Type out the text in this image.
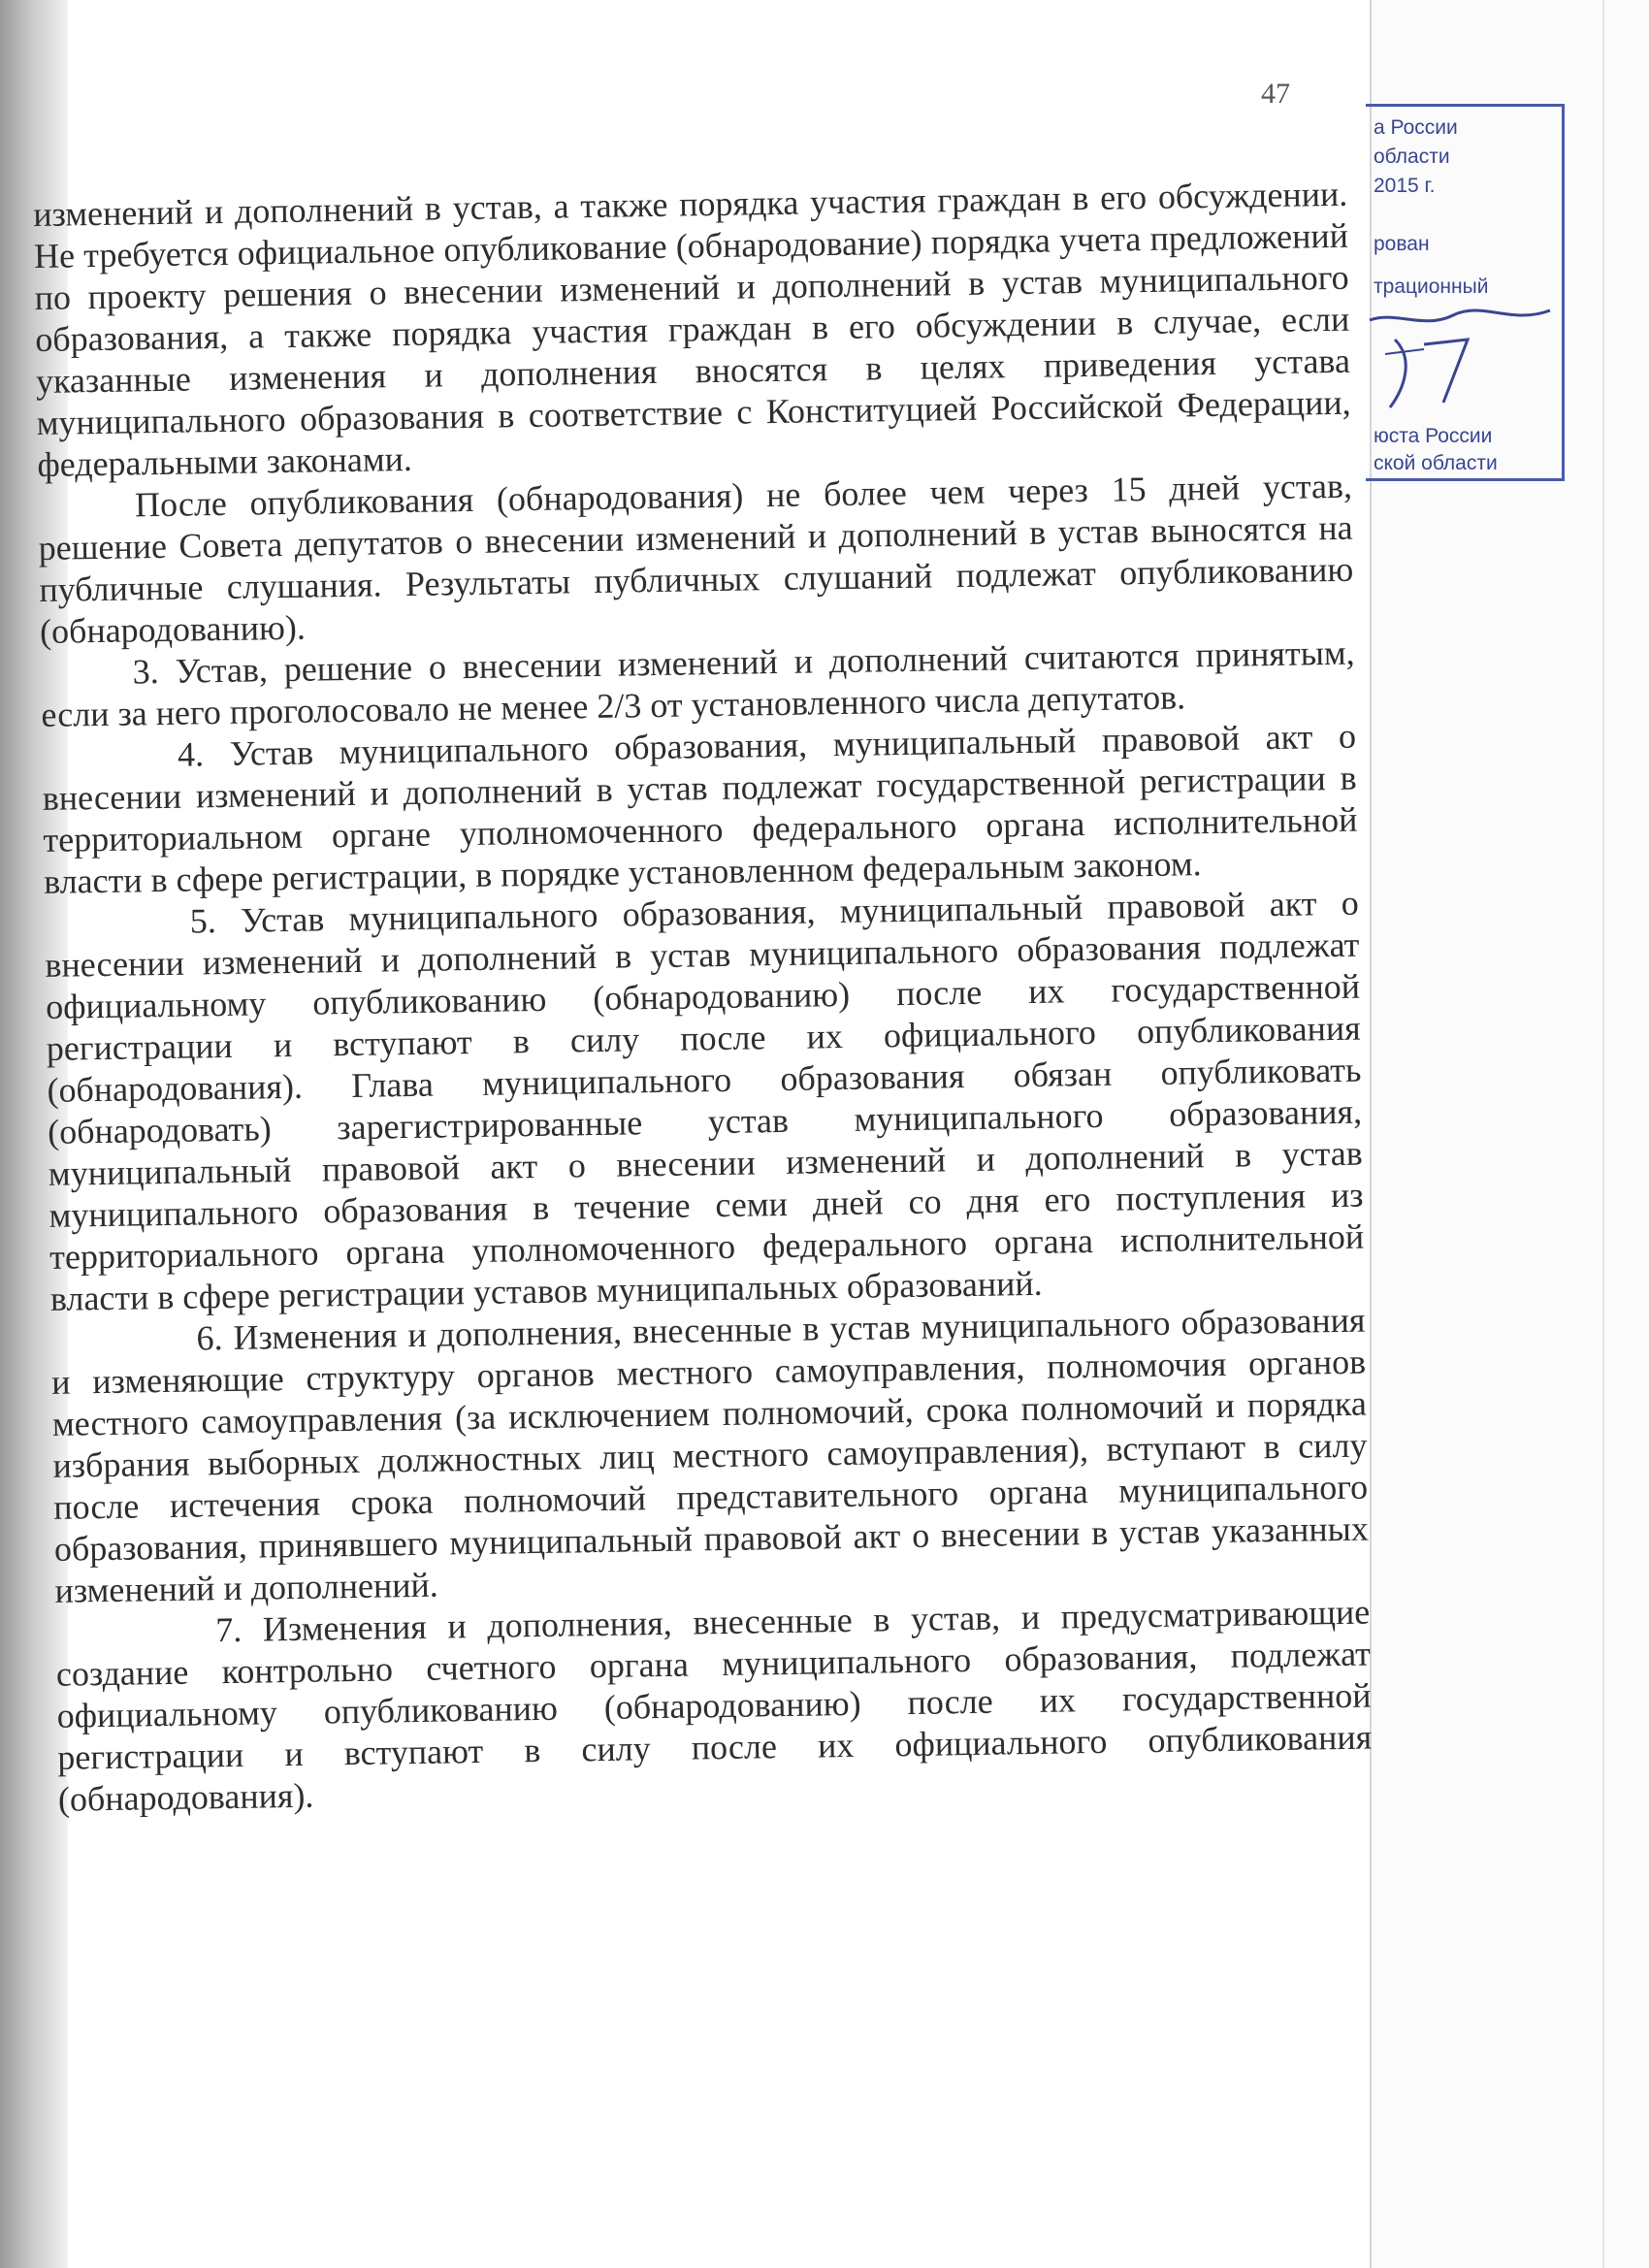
47

изменений и дополнений в устав, а также порядка участия граждан в его обсуждении. Не требуется официальное опубликование (обнародование) порядка учета предложений по проекту решения о внесении изменений и дополнений в устав муниципального образования, а также порядка участия граждан в его обсуждении в случае, если указанные изменения и дополнения вносятся в целях приведения устава муниципального образования в соответствие с Конституцией Российской Федерации, федеральными законами.

После опубликования (обнародования) не более чем через 15 дней устав, решение Совета депутатов о внесении изменений и дополнений в устав выносятся на публичные слушания. Результаты публичных слушаний подлежат опубликованию (обнародованию).

3. Устав, решение о внесении изменений и дополнений считаются принятым, если за него проголосовало не менее 2/3 от установленного числа депутатов.

4. Устав муниципального образования, муниципальный правовой акт о внесении изменений и дополнений в устав подлежат государственной регистрации в территориальном органе уполномоченного федерального органа исполнительной власти в сфере регистрации, в порядке установленном федеральным законом.

5. Устав муниципального образования, муниципальный правовой акт о внесении изменений и дополнений в устав муниципального образования подлежат официальному опубликованию (обнародованию) после их государственной регистрации и вступают в силу после их официального опубликования (обнародования). Глава муниципального образования обязан опубликовать (обнародовать) зарегистрированные устав муниципального образования, муниципальный правовой акт о внесении изменений и дополнений в устав муниципального образования в течение семи дней со дня его поступления из территориального органа уполномоченного федерального органа исполнительной власти в сфере регистрации уставов муниципальных образований.

6. Изменения и дополнения, внесенные в устав муниципального образования и изменяющие структуру органов местного самоуправления, полномочия органов местного самоуправления (за исключением полномочий, срока полномочий и порядка избрания выборных должностных лиц местного самоуправления), вступают в силу после истечения срока полномочий представительного органа муниципального образования, принявшего муниципальный правовой акт о внесении в устав указанных изменений и дополнений.

7. Изменения и дополнения, внесенные в устав, и предусматривающие создание контрольно счетного органа муниципального образования, подлежат официальному опубликованию (обнародованию) после их государственной регистрации и вступают в силу после их официального опубликования (обнародования).

а России
области
2015 г.
рован
трационный
юста России
ской области
